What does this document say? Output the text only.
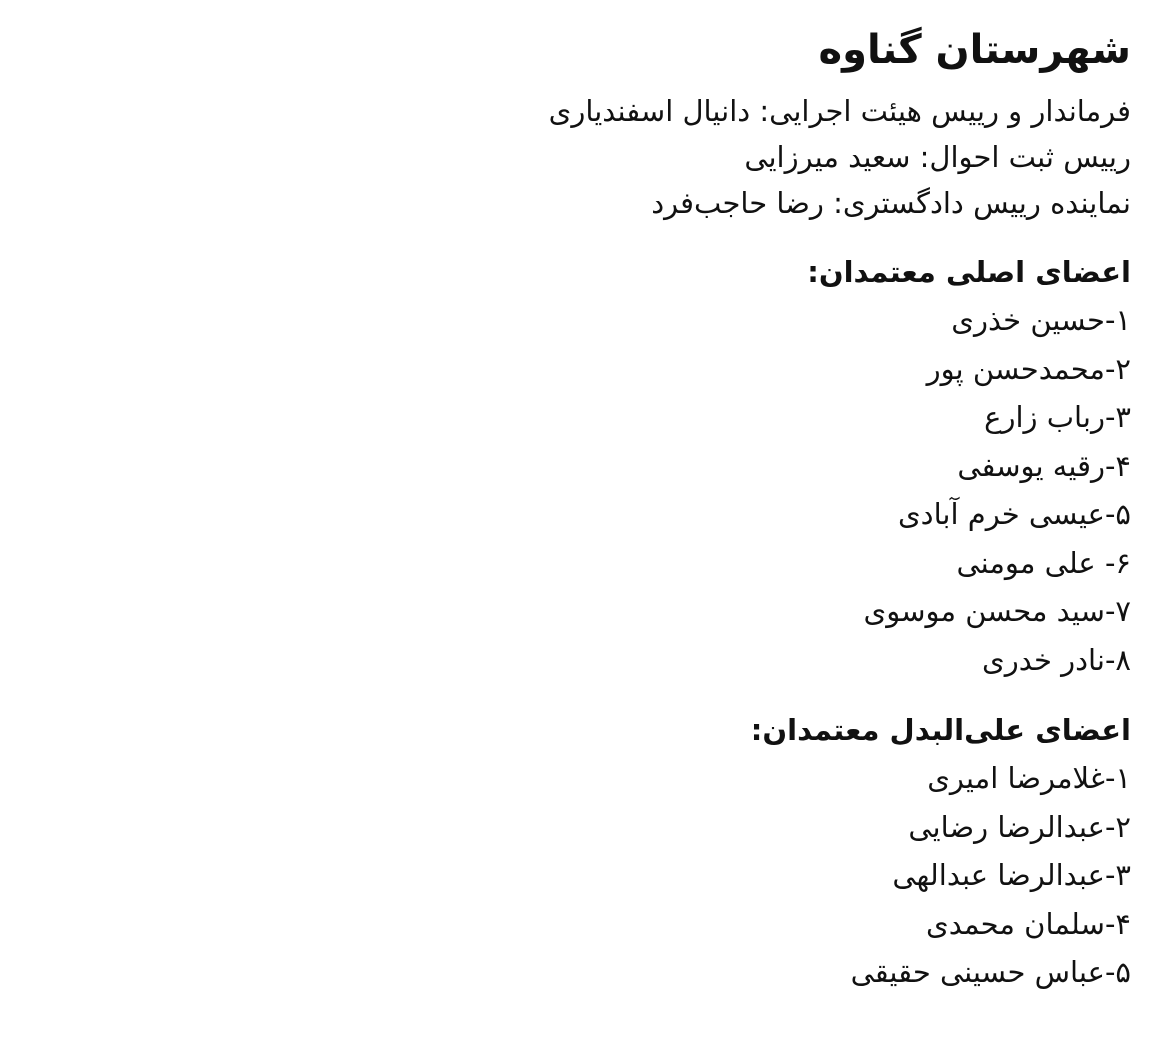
شهرستان گناوه

فرماندار و رییس هیئت اجرایی: دانیال اسفندیاری

رییس ثبت احوال: سعید میرزایی

نماینده رییس دادگستری: رضا حاجب‌فرد

اعضای اصلی معتمدان:
۱-حسین خذری
۲-محمدحسن پور
۳-رباب زارع
۴-رقیه یوسفی
۵-عیسی خرم آبادی
۶- علی مومنی
۷-سید محسن موسوی
۸-نادر خدری
اعضای علی‌البدل معتمدان:
۱-غلامرضا امیری
۲-عبدالرضا رضایی
۳-عبدالرضا عبدالهی
۴-سلمان محمدی
۵-عباس حسینی حقیقی
